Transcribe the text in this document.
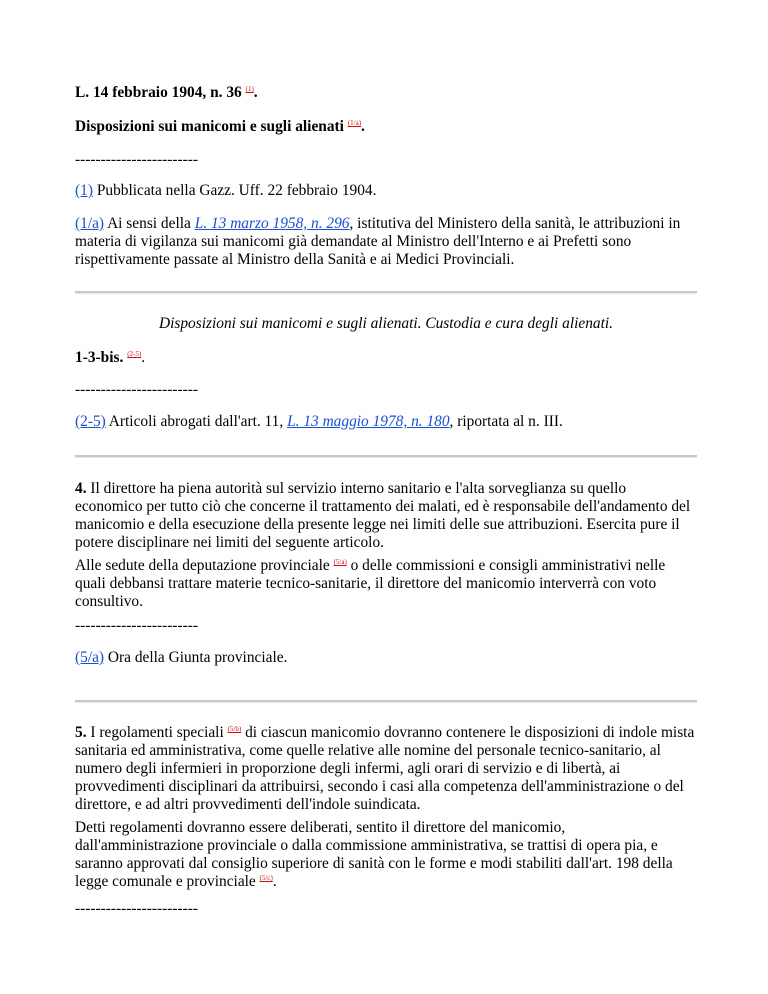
L. 14 febbraio 1904, n. 36 $^{(1)}$.

Disposizioni sui manicomi e sugli alienati $^{(1/a)}$.

------------------------

(1) Pubblicata nella Gazz. Uff. 22 febbraio 1904.

(1/a) Ai sensi della L. 13 marzo 1958, n. 296, istitutiva del Ministero della sanità, le attribuzioni in materia di vigilanza sui manicomi già demandate al Ministro dell'Interno e ai Prefetti sono rispettivamente passate al Ministro della Sanità e ai Medici Provinciali.

Disposizioni sui manicomi e sugli alienati. Custodia e cura degli alienati.

1-3-bis. $^{(2-5)}$.

------------------------

(2-5) Articoli abrogati dall'art. 11, L. 13 maggio 1978, n. 180, riportata al n. III.

4. Il direttore ha piena autorità sul servizio interno sanitario e l'alta sorveglianza su quello economico per tutto ciò che concerne il trattamento dei malati, ed è responsabile dell'andamento del manicomio e della esecuzione della presente legge nei limiti delle sue attribuzioni. Esercita pure il potere disciplinare nei limiti del seguente articolo.

Alle sedute della deputazione provinciale $^{(5/a)}$ o delle commissioni e consigli amministrativi nelle quali debbansi trattare materie tecnico-sanitarie, il direttore del manicomio interverrà con voto consultivo.

------------------------

(5/a) Ora della Giunta provinciale.

5. I regolamenti speciali $^{(5/b)}$ di ciascun manicomio dovranno contenere le disposizioni di indole mista sanitaria ed amministrativa, come quelle relative alle nomine del personale tecnico-sanitario, al numero degli infermieri in proporzione degli infermi, agli orari di servizio e di libertà, ai provvedimenti disciplinari da attribuirsi, secondo i casi alla competenza dell'amministrazione o del direttore, e ad altri provvedimenti dell'indole suindicata.

Detti regolamenti dovranno essere deliberati, sentito il direttore del manicomio, dall'amministrazione provinciale o dalla commissione amministrativa, se trattisi di opera pia, e saranno approvati dal consiglio superiore di sanità con le forme e modi stabiliti dall'art. 198 della legge comunale e provinciale $^{(5/c)}$.

------------------------
